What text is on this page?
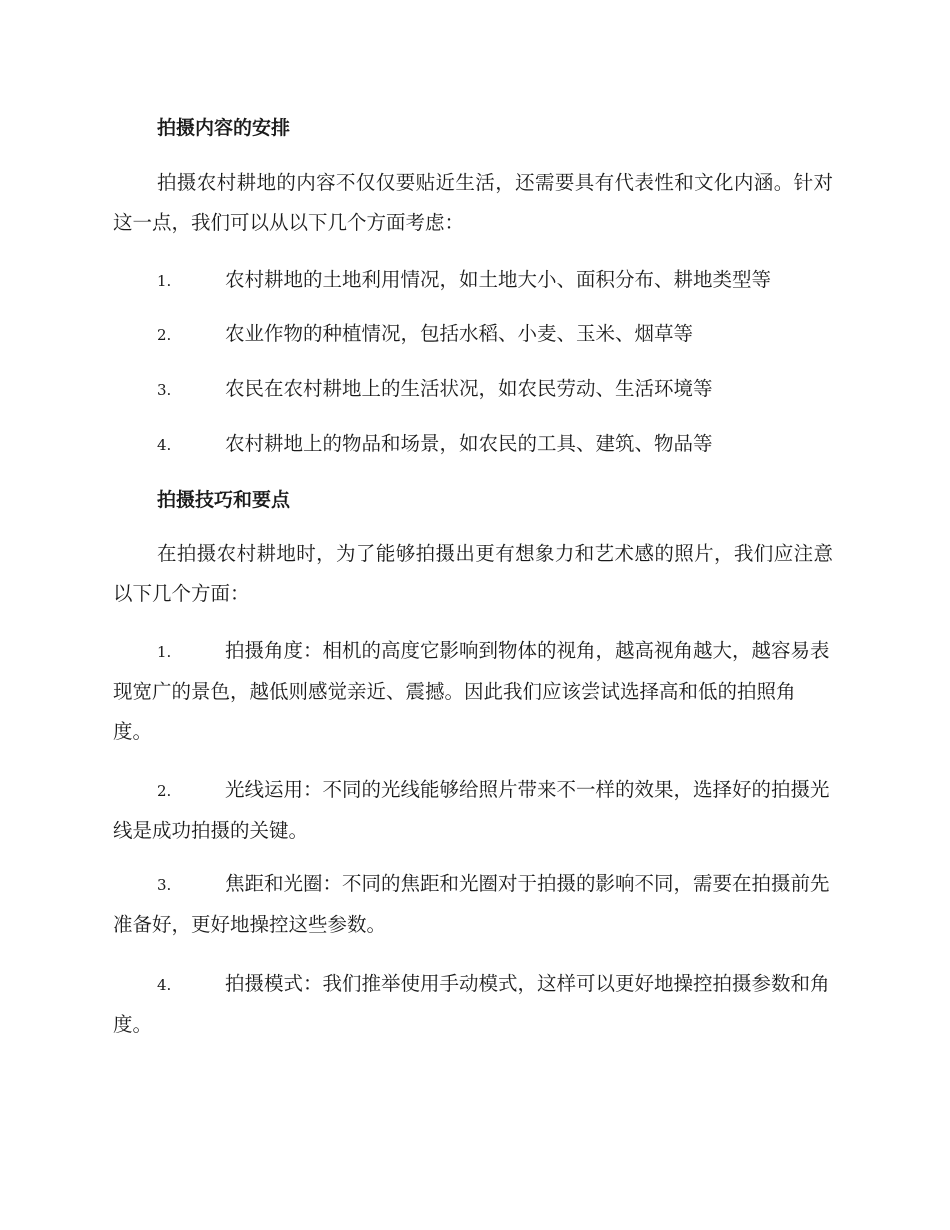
拍摄内容的安排
拍摄农村耕地的内容不仅仅要贴近生活，还需要具有代表性和文化内涵。针对这一点，我们可以从以下几个方面考虑：
1.	农村耕地的土地利用情况，如土地大小、面积分布、耕地类型等
2.	农业作物的种植情况，包括水稻、小麦、玉米、烟草等
3.	农民在农村耕地上的生活状况，如农民劳动、生活环境等
4.	农村耕地上的物品和场景，如农民的工具、建筑、物品等
拍摄技巧和要点
在拍摄农村耕地时，为了能够拍摄出更有想象力和艺术感的照片，我们应注意以下几个方面：
1.	拍摄角度：相机的高度它影响到物体的视角，越高视角越大，越容易表现宽广的景色，越低则感觉亲近、震撼。因此我们应该尝试选择高和低的拍照角度。
2.	光线运用：不同的光线能够给照片带来不一样的效果，选择好的拍摄光线是成功拍摄的关键。
3.	焦距和光圈：不同的焦距和光圈对于拍摄的影响不同，需要在拍摄前先准备好，更好地操控这些参数。
4.	拍摄模式：我们推举使用手动模式，这样可以更好地操控拍摄参数和角度。
